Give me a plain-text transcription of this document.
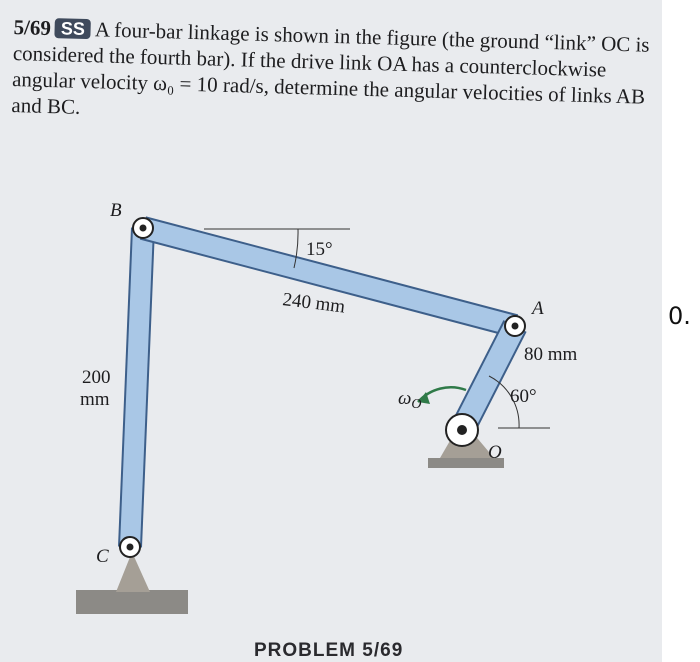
5/69 SS A four-bar linkage is shown in the figure (the ground “link” OC is considered the fourth bar). If the drive link OA has a counterclockwise angular velocity ω₀ = 10 rad/s, determine the angular velocities of links AB and BC.
B
A
O
C
15°
240 mm
80 mm
60°
200
mm	$\omega_O$
PROBLEM 5/69
0.
